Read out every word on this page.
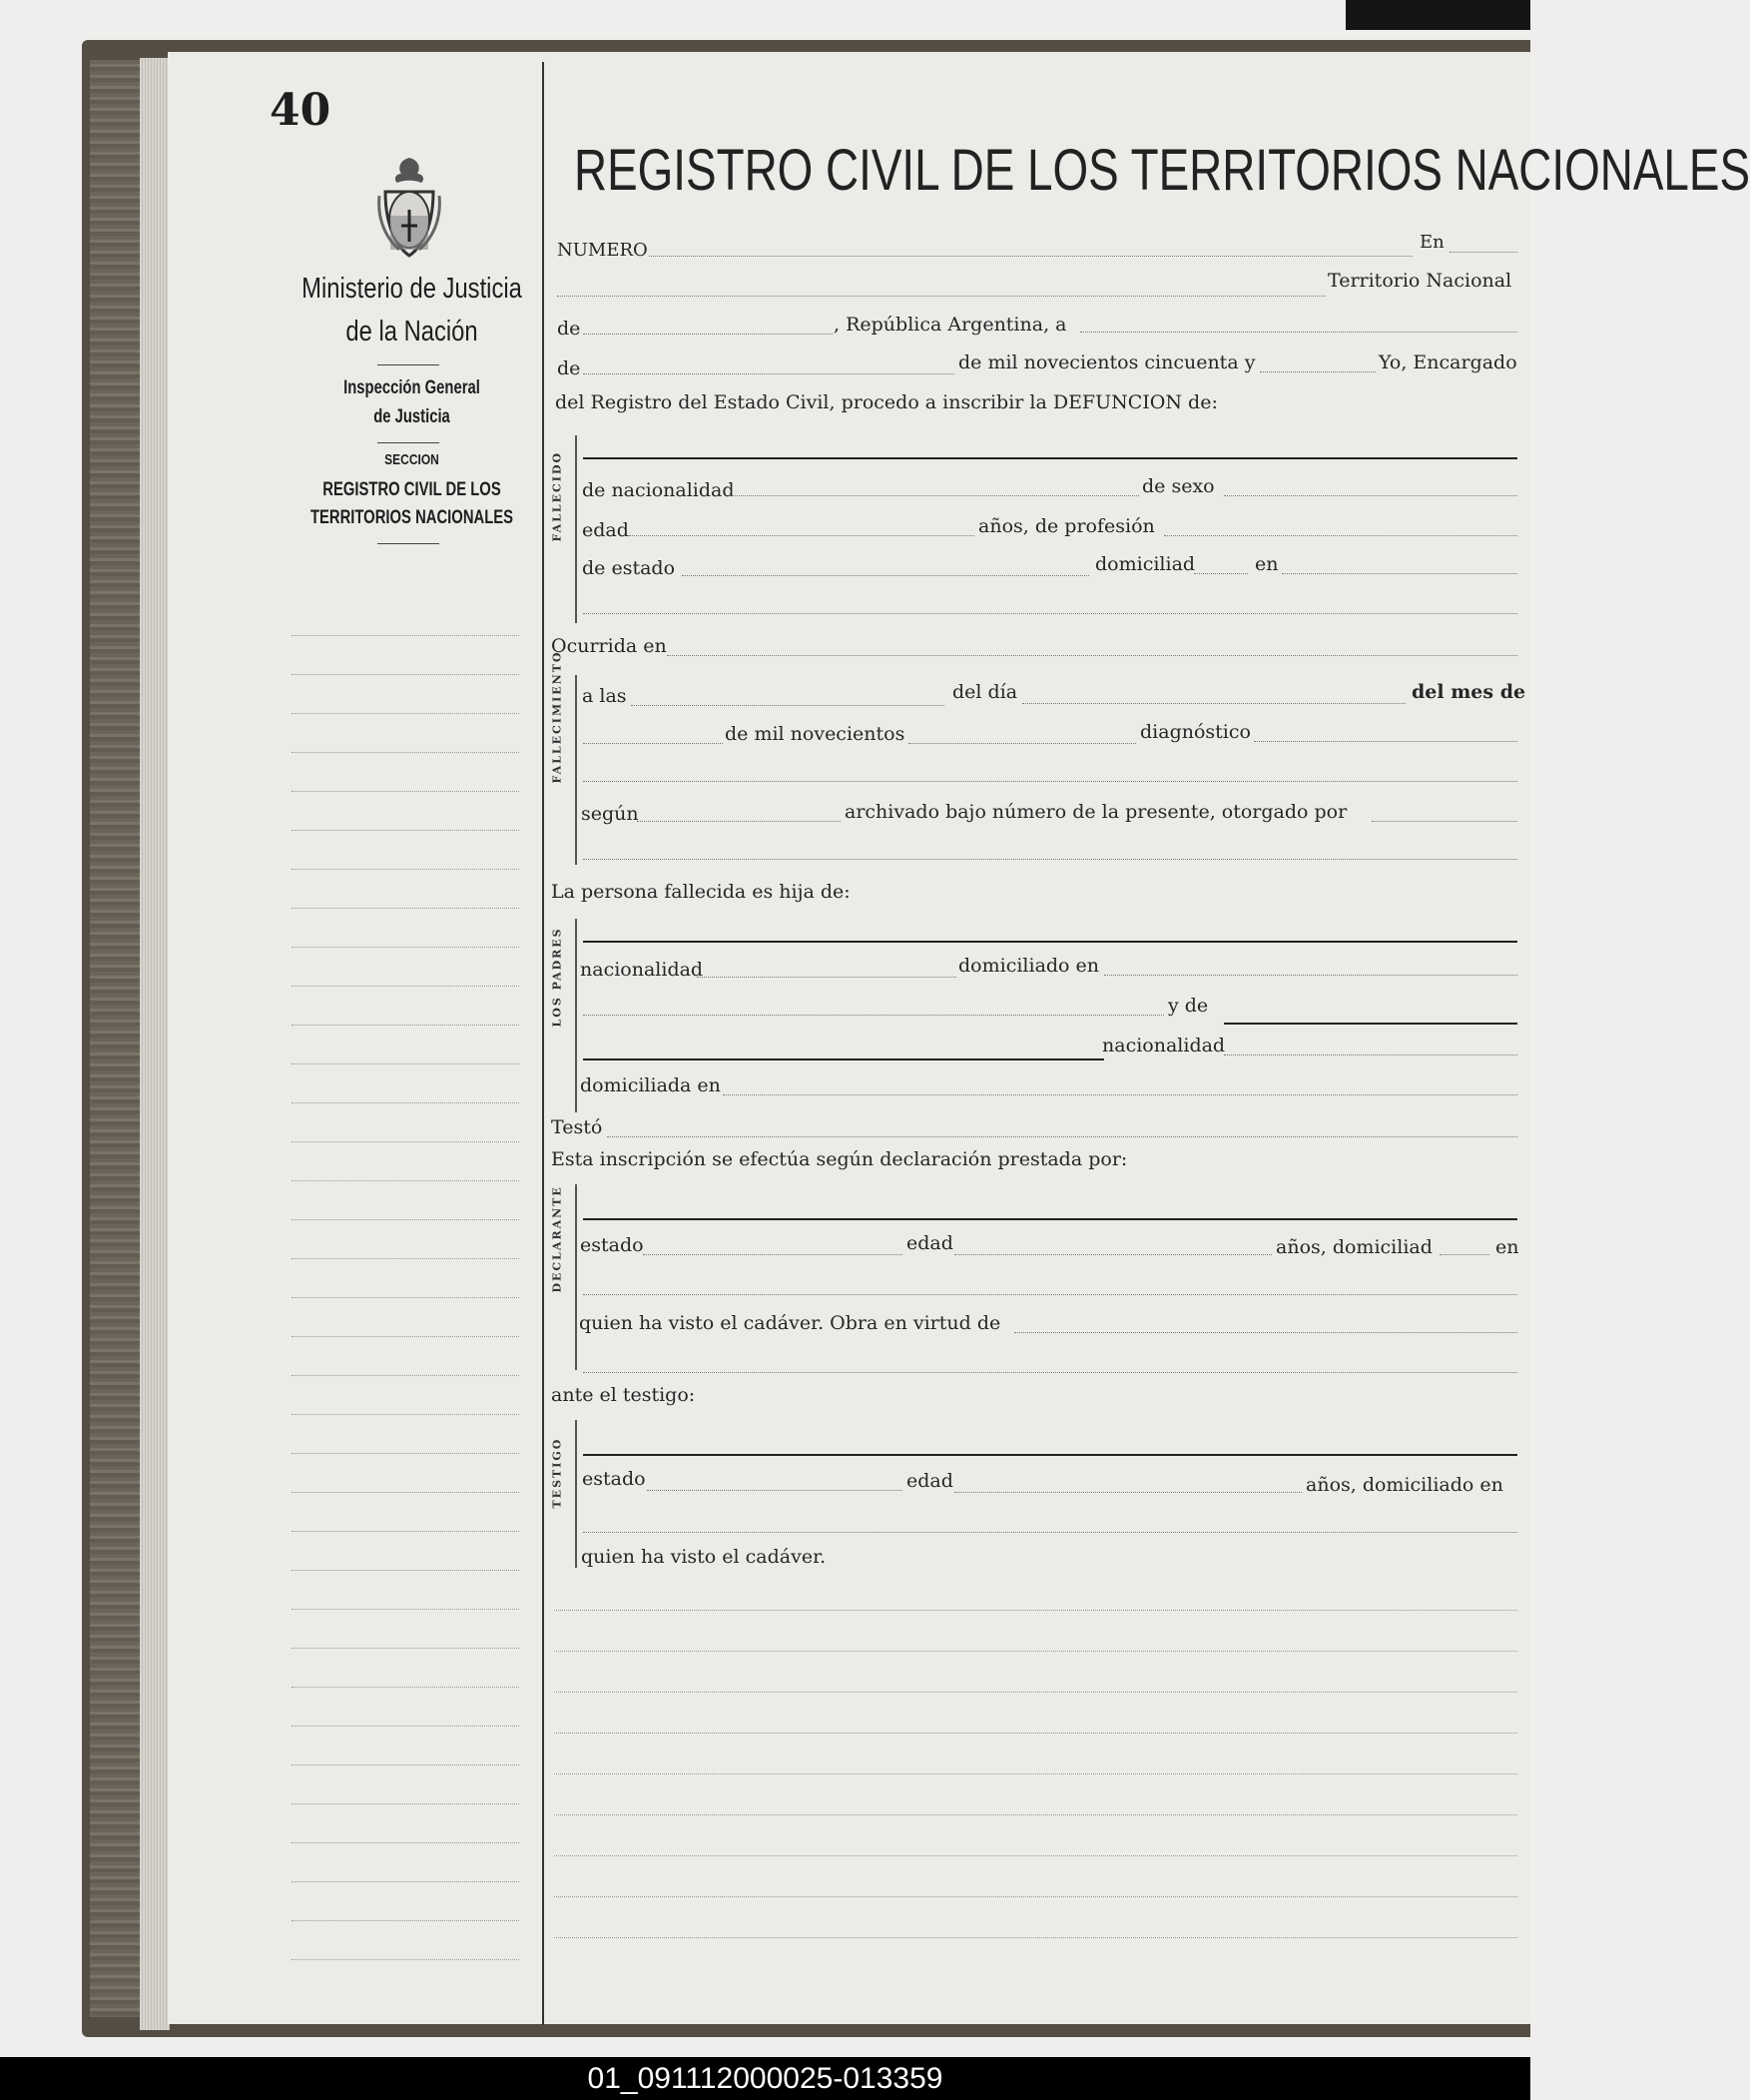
40
Ministerio de Justicia
de la Nación
Inspección General
de Justicia
SECCION
REGISTRO CIVIL DE LOS
TERRITORIOS NACIONALES
REGISTRO CIVIL DE LOS TERRITORIOS NACIONALES
NUMERO	En
Territorio Nacional
de	, República Argentina, a
de	de mil novecientos cincuenta y	Yo, Encargado
del Registro del Estado Civil, procedo a inscribir la DEFUNCION de:
de nacionalidad	de sexo
edad	años, de profesión
de estado	domiciliad	en
Ocurrida en
a las	del día	del mes de
de mil novecientos	diagnóstico
según	archivado bajo número de la presente, otorgado por
La persona fallecida es hija de:
nacionalidad	domiciliado en
y de
nacionalidad
domiciliada en
Testó
Esta inscripción se efectúa según declaración prestada por:
estado	edad	años, domiciliad	en
quien ha visto el cadáver. Obra en virtud de
ante el testigo:
estado	edad	años, domiciliado en
quien ha visto el cadáver.
01_091112000025-013359
